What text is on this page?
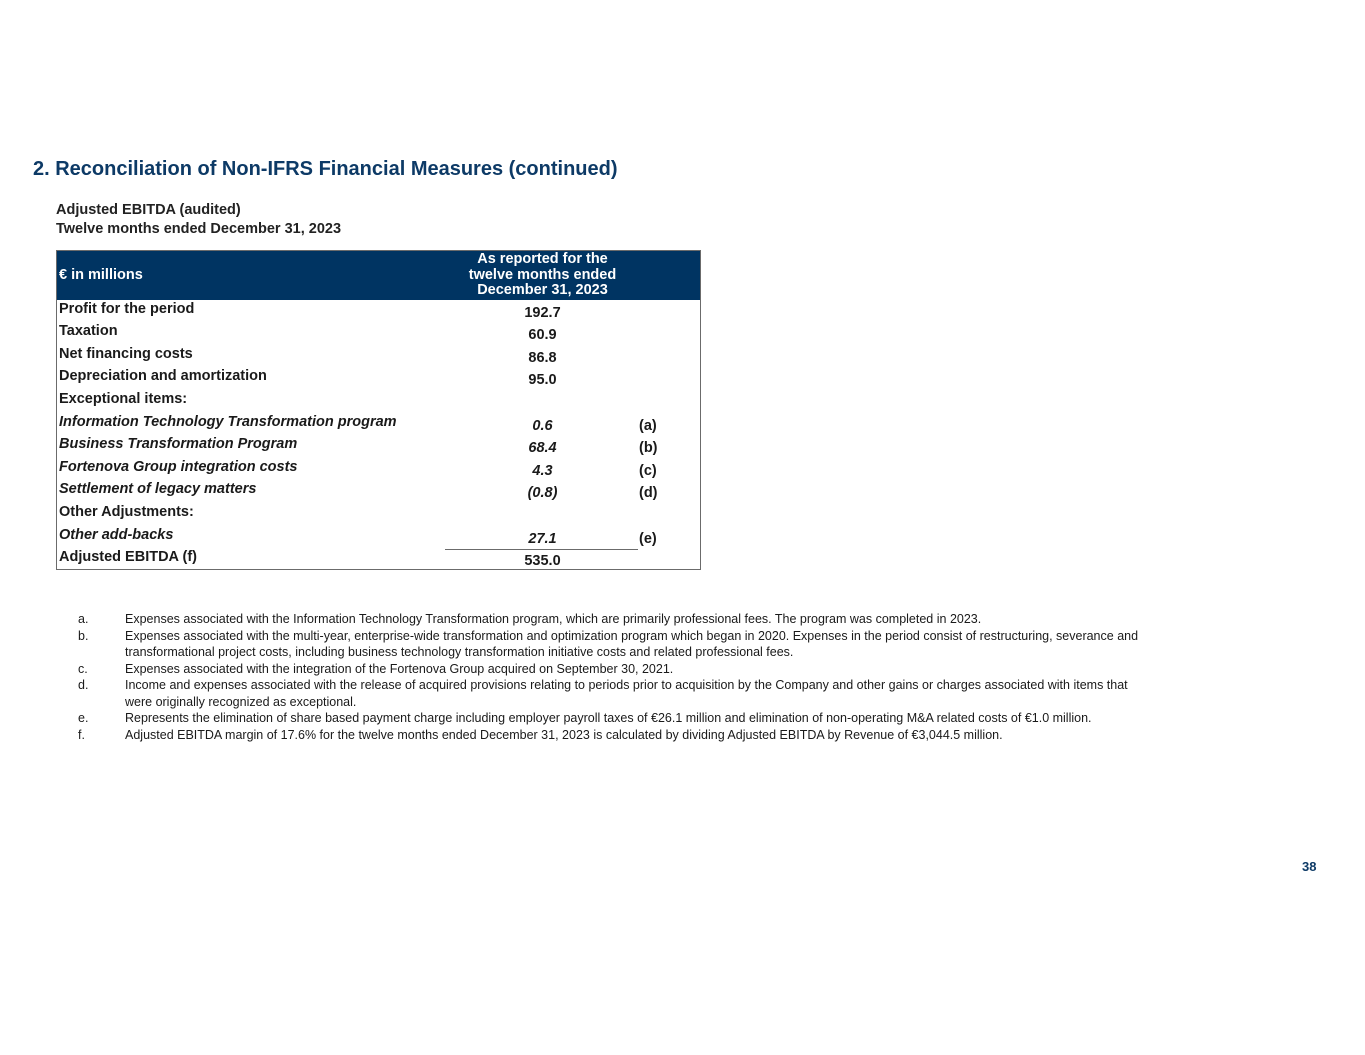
2. Reconciliation of Non-IFRS Financial Measures (continued)

Adjusted EBITDA (audited)

Twelve months ended December 31, 2023

€ in millions
As reported for the
twelve months ended
December 31, 2023
Profit for the period	192.7
Taxation	60.9
Net financing costs	86.8
Depreciation and amortization	95.0
Exceptional items:
Information Technology Transformation program	0.6	(a)
Business Transformation Program	68.4	(b)
Fortenova Group integration costs	4.3	(c)
Settlement of legacy matters	(0.8)	(d)
Other Adjustments:
Other add-backs	27.1	(e)
Adjusted EBITDA (f)	535.0
a.	Expenses associated with the Information Technology Transformation program, which are primarily professional fees. The program was completed in 2023.
b.	Expenses associated with the multi-year, enterprise-wide transformation and optimization program which began in 2020. Expenses in the period consist of restructuring, severance and transformational project costs, including business technology transformation initiative costs and related professional fees.
c.	Expenses associated with the integration of the Fortenova Group acquired on September 30, 2021.
d.	Income and expenses associated with the release of acquired provisions relating to periods prior to acquisition by the Company and other gains or charges associated with items that were originally recognized as exceptional.
e.	Represents the elimination of share based payment charge including employer payroll taxes of €26.1 million and elimination of non-operating M&A related costs of €1.0 million.
f.	Adjusted EBITDA margin of 17.6% for the twelve months ended December 31, 2023 is calculated by dividing Adjusted EBITDA by Revenue of €3,044.5 million.
38
